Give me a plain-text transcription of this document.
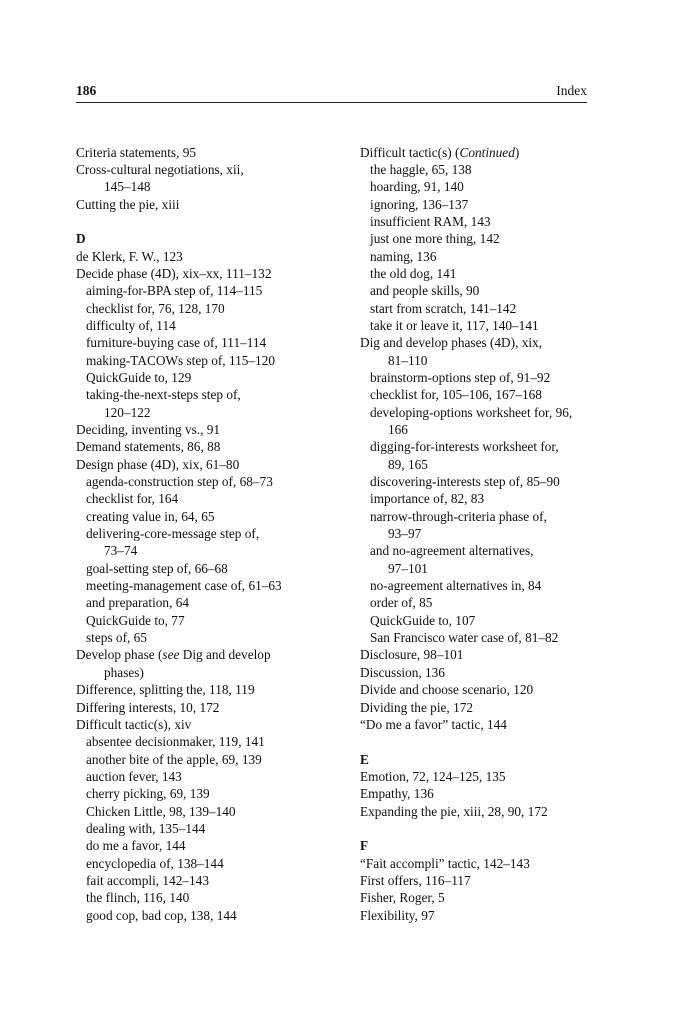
186	Index
Criteria statements, 95
Cross-cultural negotiations, xii,
145–148
Cutting the pie, xiii
D
de Klerk, F. W., 123
Decide phase (4D), xix–xx, 111–132
aiming-for-BPA step of, 114–115
checklist for, 76, 128, 170
difficulty of, 114
furniture-buying case of, 111–114
making-TACOWs step of, 115–120
QuickGuide to, 129
taking-the-next-steps step of,
120–122
Deciding, inventing vs., 91
Demand statements, 86, 88
Design phase (4D), xix, 61–80
agenda-construction step of, 68–73
checklist for, 164
creating value in, 64, 65
delivering-core-message step of,
73–74
goal-setting step of, 66–68
meeting-management case of, 61–63
and preparation, 64
QuickGuide to, 77
steps of, 65
Develop phase (see Dig and develop
phases)
Difference, splitting the, 118, 119
Differing interests, 10, 172
Difficult tactic(s), xiv
absentee decisionmaker, 119, 141
another bite of the apple, 69, 139
auction fever, 143
cherry picking, 69, 139
Chicken Little, 98, 139–140
dealing with, 135–144
do me a favor, 144
encyclopedia of, 138–144
fait accompli, 142–143
the flinch, 116, 140
good cop, bad cop, 138, 144
Difficult tactic(s) (Continued)
the haggle, 65, 138
hoarding, 91, 140
ignoring, 136–137
insufficient RAM, 143
just one more thing, 142
naming, 136
the old dog, 141
and people skills, 90
start from scratch, 141–142
take it or leave it, 117, 140–141
Dig and develop phases (4D), xix,
81–110
brainstorm-options step of, 91–92
checklist for, 105–106, 167–168
developing-options worksheet for, 96,
166
digging-for-interests worksheet for,
89, 165
discovering-interests step of, 85–90
importance of, 82, 83
narrow-through-criteria phase of,
93–97
and no-agreement alternatives,
97–101
no-agreement alternatives in, 84
order of, 85
QuickGuide to, 107
San Francisco water case of, 81–82
Disclosure, 98–101
Discussion, 136
Divide and choose scenario, 120
Dividing the pie, 172
“Do me a favor” tactic, 144
E
Emotion, 72, 124–125, 135
Empathy, 136
Expanding the pie, xiii, 28, 90, 172
F
“Fait accompli” tactic, 142–143
First offers, 116–117
Fisher, Roger, 5
Flexibility, 97
